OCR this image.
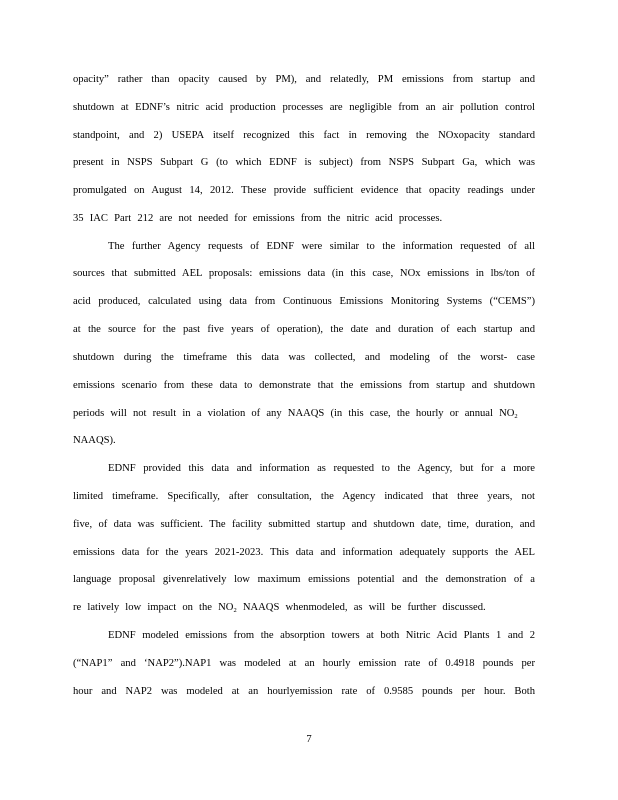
opacity” rather than opacity caused by PM), and relatedly, PM emissions from startup and
shutdown at EDNF’s nitric acid production processes are negligible from an air pollution control
standpoint, and 2) USEPA itself recognized this fact in removing the NOxopacity standard
present in NSPS Subpart G (to which EDNF is subject) from NSPS Subpart Ga, which was
promulgated on August 14, 2012. These provide sufficient evidence that opacity readings under
35 IAC Part 212 are not needed for emissions from the nitric acid processes.
The further Agency requests of EDNF were similar to the information requested of all
sources that submitted AEL proposals: emissions data (in this case, NOx emissions in lbs/ton of
acid produced, calculated using data from Continuous Emissions Monitoring Systems (“CEMS”)
at the source for the past five years of operation), the date and duration of each startup and
shutdown during the timeframe this data was collected, and modeling of the worst- case
emissions scenario from these data to demonstrate that the emissions from startup and shutdown
periods will not result in a violation of any NAAQS (in this case, the hourly or annual $NO_2$
NAAQS).
EDNF provided this data and information as requested to the Agency, but for a more
limited timeframe. Specifically, after consultation, the Agency indicated that three years, not
five, of data was sufficient. The facility submitted startup and shutdown date, time, duration, and
emissions data for the years 2021-2023. This data and information adequately supports the AEL
language proposal givenrelatively low maximum emissions potential and the demonstration of a
re latively low impact on the $NO_2$ NAAQS whenmodeled, as will be further discussed.
EDNF modeled emissions from the absorption towers at both Nitric Acid Plants 1 and 2
(“NAP1” and ‘NAP2”).NAP1 was modeled at an hourly emission rate of 0.4918 pounds per
hour and NAP2 was modeled at an hourlyemission rate of 0.9585 pounds per hour. Both
7
